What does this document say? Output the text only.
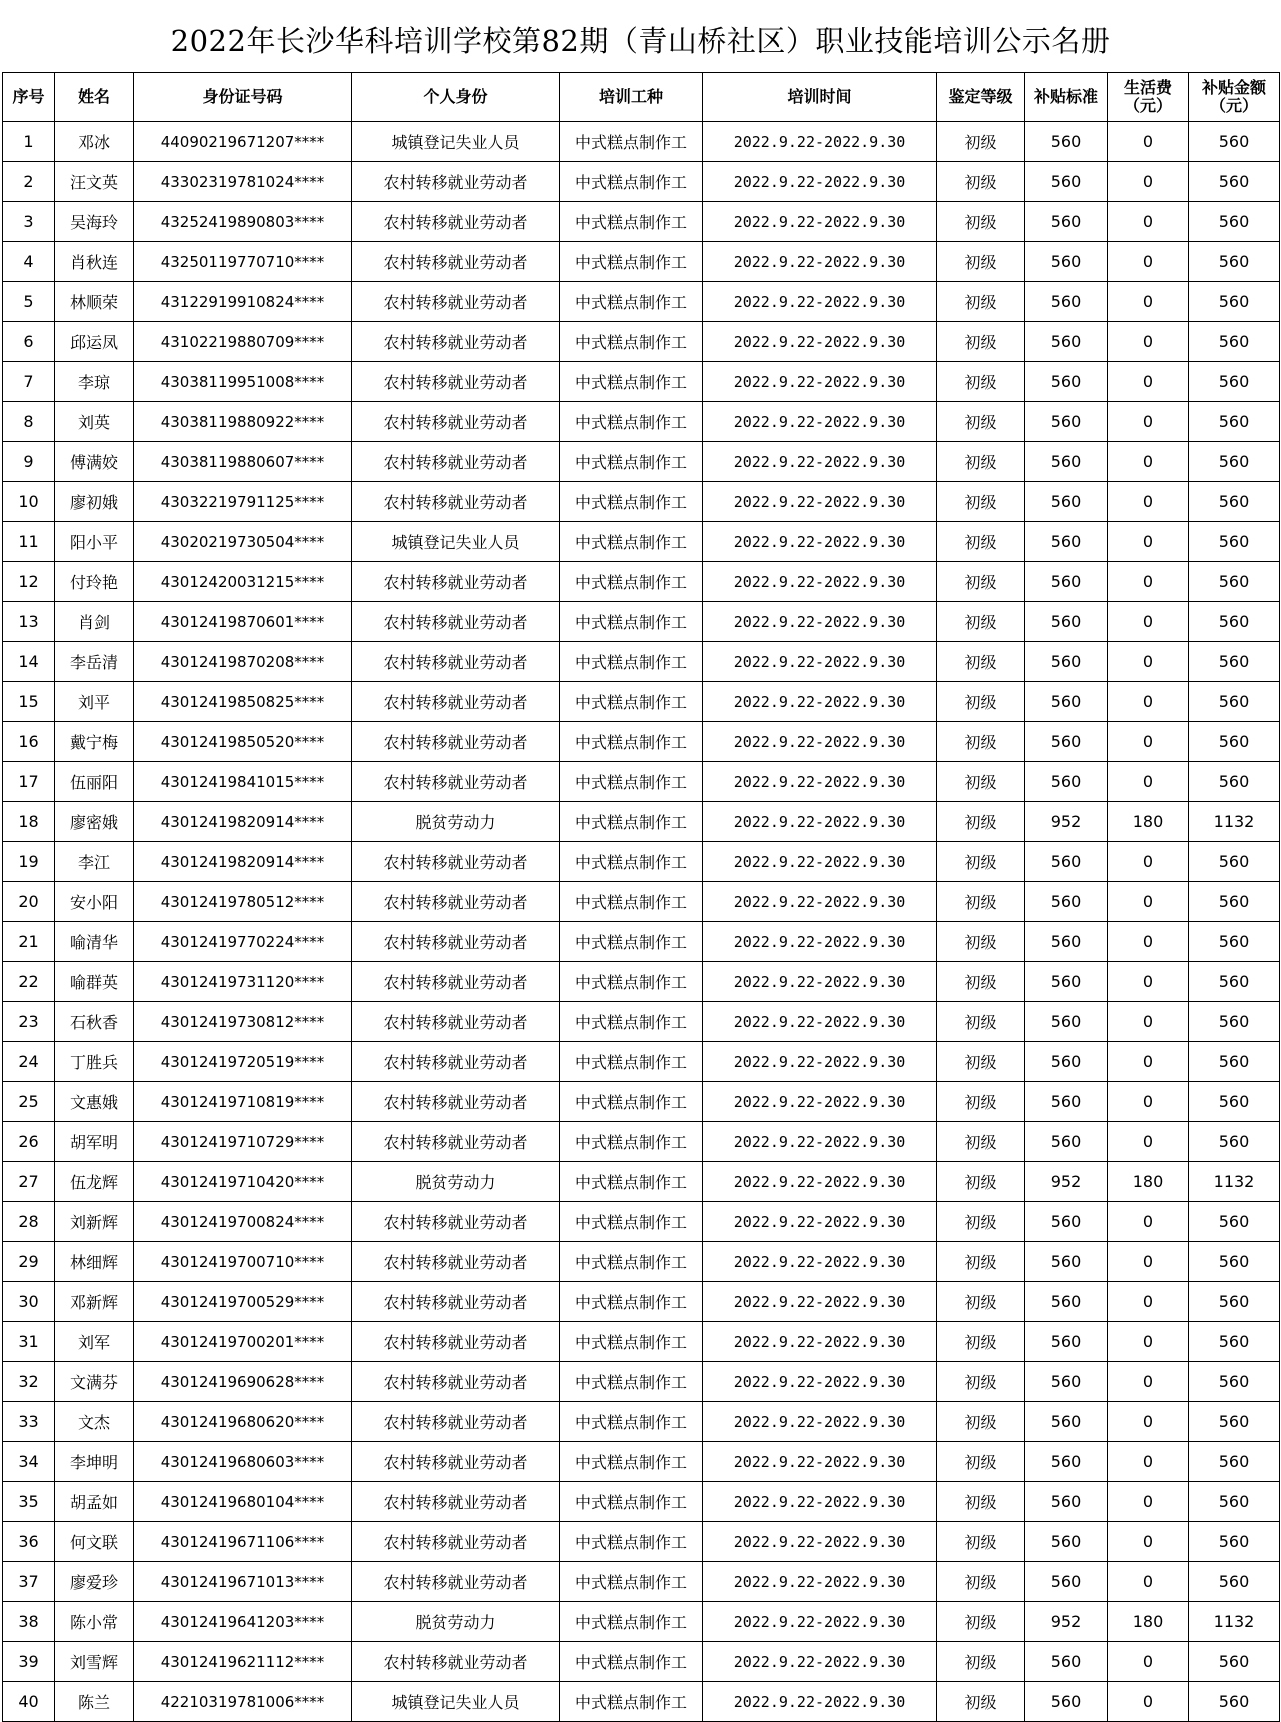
2022年长沙华科培训学校第82期（青山桥社区）职业技能培训公示名册
序号	姓名	身份证号码	个人身份	培训工种	培训时间	鉴定等级	补贴标准	生活费（元）	补贴金额（元）
1	邓冰	44090219671207****	城镇登记失业人员	中式糕点制作工	2022.9.22-2022.9.30	初级	560	0	560
2	汪文英	43302319781024****	农村转移就业劳动者	中式糕点制作工	2022.9.22-2022.9.30	初级	560	0	560
3	吴海玲	43252419890803****	农村转移就业劳动者	中式糕点制作工	2022.9.22-2022.9.30	初级	560	0	560
4	肖秋连	43250119770710****	农村转移就业劳动者	中式糕点制作工	2022.9.22-2022.9.30	初级	560	0	560
5	林顺荣	43122919910824****	农村转移就业劳动者	中式糕点制作工	2022.9.22-2022.9.30	初级	560	0	560
6	邱运凤	43102219880709****	农村转移就业劳动者	中式糕点制作工	2022.9.22-2022.9.30	初级	560	0	560
7	李琼	43038119951008****	农村转移就业劳动者	中式糕点制作工	2022.9.22-2022.9.30	初级	560	0	560
8	刘英	43038119880922****	农村转移就业劳动者	中式糕点制作工	2022.9.22-2022.9.30	初级	560	0	560
9	傅满姣	43038119880607****	农村转移就业劳动者	中式糕点制作工	2022.9.22-2022.9.30	初级	560	0	560
10	廖初娥	43032219791125****	农村转移就业劳动者	中式糕点制作工	2022.9.22-2022.9.30	初级	560	0	560
11	阳小平	43020219730504****	城镇登记失业人员	中式糕点制作工	2022.9.22-2022.9.30	初级	560	0	560
12	付玲艳	43012420031215****	农村转移就业劳动者	中式糕点制作工	2022.9.22-2022.9.30	初级	560	0	560
13	肖剑	43012419870601****	农村转移就业劳动者	中式糕点制作工	2022.9.22-2022.9.30	初级	560	0	560
14	李岳清	43012419870208****	农村转移就业劳动者	中式糕点制作工	2022.9.22-2022.9.30	初级	560	0	560
15	刘平	43012419850825****	农村转移就业劳动者	中式糕点制作工	2022.9.22-2022.9.30	初级	560	0	560
16	戴宁梅	43012419850520****	农村转移就业劳动者	中式糕点制作工	2022.9.22-2022.9.30	初级	560	0	560
17	伍丽阳	43012419841015****	农村转移就业劳动者	中式糕点制作工	2022.9.22-2022.9.30	初级	560	0	560
18	廖密娥	43012419820914****	脱贫劳动力	中式糕点制作工	2022.9.22-2022.9.30	初级	952	180	1132
19	李江	43012419820914****	农村转移就业劳动者	中式糕点制作工	2022.9.22-2022.9.30	初级	560	0	560
20	安小阳	43012419780512****	农村转移就业劳动者	中式糕点制作工	2022.9.22-2022.9.30	初级	560	0	560
21	喻清华	43012419770224****	农村转移就业劳动者	中式糕点制作工	2022.9.22-2022.9.30	初级	560	0	560
22	喻群英	43012419731120****	农村转移就业劳动者	中式糕点制作工	2022.9.22-2022.9.30	初级	560	0	560
23	石秋香	43012419730812****	农村转移就业劳动者	中式糕点制作工	2022.9.22-2022.9.30	初级	560	0	560
24	丁胜兵	43012419720519****	农村转移就业劳动者	中式糕点制作工	2022.9.22-2022.9.30	初级	560	0	560
25	文惠娥	43012419710819****	农村转移就业劳动者	中式糕点制作工	2022.9.22-2022.9.30	初级	560	0	560
26	胡军明	43012419710729****	农村转移就业劳动者	中式糕点制作工	2022.9.22-2022.9.30	初级	560	0	560
27	伍龙辉	43012419710420****	脱贫劳动力	中式糕点制作工	2022.9.22-2022.9.30	初级	952	180	1132
28	刘新辉	43012419700824****	农村转移就业劳动者	中式糕点制作工	2022.9.22-2022.9.30	初级	560	0	560
29	林细辉	43012419700710****	农村转移就业劳动者	中式糕点制作工	2022.9.22-2022.9.30	初级	560	0	560
30	邓新辉	43012419700529****	农村转移就业劳动者	中式糕点制作工	2022.9.22-2022.9.30	初级	560	0	560
31	刘军	43012419700201****	农村转移就业劳动者	中式糕点制作工	2022.9.22-2022.9.30	初级	560	0	560
32	文满芬	43012419690628****	农村转移就业劳动者	中式糕点制作工	2022.9.22-2022.9.30	初级	560	0	560
33	文杰	43012419680620****	农村转移就业劳动者	中式糕点制作工	2022.9.22-2022.9.30	初级	560	0	560
34	李坤明	43012419680603****	农村转移就业劳动者	中式糕点制作工	2022.9.22-2022.9.30	初级	560	0	560
35	胡孟如	43012419680104****	农村转移就业劳动者	中式糕点制作工	2022.9.22-2022.9.30	初级	560	0	560
36	何文联	43012419671106****	农村转移就业劳动者	中式糕点制作工	2022.9.22-2022.9.30	初级	560	0	560
37	廖爱珍	43012419671013****	农村转移就业劳动者	中式糕点制作工	2022.9.22-2022.9.30	初级	560	0	560
38	陈小常	43012419641203****	脱贫劳动力	中式糕点制作工	2022.9.22-2022.9.30	初级	952	180	1132
39	刘雪辉	43012419621112****	农村转移就业劳动者	中式糕点制作工	2022.9.22-2022.9.30	初级	560	0	560
40	陈兰	42210319781006****	城镇登记失业人员	中式糕点制作工	2022.9.22-2022.9.30	初级	560	0	560
